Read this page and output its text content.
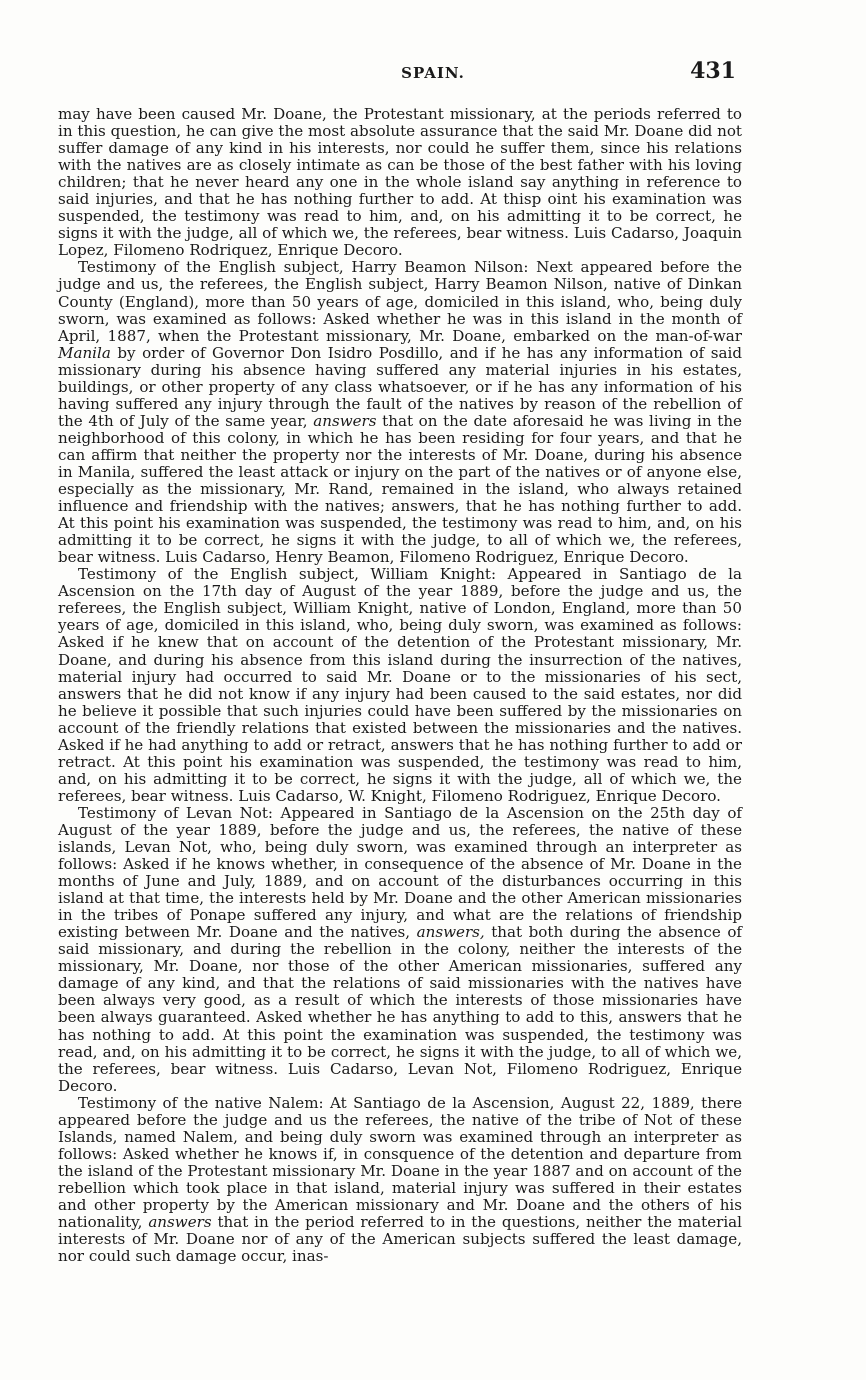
SPAIN.	431

may have been caused Mr. Doane, the Protestant missionary, at the periods referred to in this question, he can give the most absolute assurance that the said Mr. Doane did not suffer damage of any kind in his interests, nor could he suffer them, since his relations with the natives are as closely intimate as can be those of the best father with his loving children; that he never heard any one in the whole island say anything in reference to said injuries, and that he has nothing further to add. At thisp oint his examination was suspended, the testimony was read to him, and, on his admitting it to be correct, he signs it with the judge, all of which we, the referees, bear witness. Luis Cadarso, Joaquin Lopez, Filomeno Rodriquez, Enrique Decoro.

Testimony of the English subject, Harry Beamon Nilson: Next appeared before the judge and us, the referees, the English subject, Harry Beamon Nilson, native of Dinkan County (England), more than 50 years of age, domiciled in this island, who, being duly sworn, was examined as follows: Asked whether he was in this island in the month of April, 1887, when the Protestant missionary, Mr. Doane, embarked on the man-of-war Manila by order of Governor Don Isidro Posdillo, and if he has any information of said missionary during his absence having suffered any material injuries in his estates, buildings, or other property of any class whatsoever, or if he has any information of his having suffered any injury through the fault of the natives by reason of the rebellion of the 4th of July of the same year, answers that on the date aforesaid he was living in the neighborhood of this colony, in which he has been residing for four years, and that he can affirm that neither the property nor the interests of Mr. Doane, during his absence in Manila, suffered the least attack or injury on the part of the natives or of anyone else, especially as the missionary, Mr. Rand, remained in the island, who always retained influence and friendship with the natives; answers, that he has nothing further to add. At this point his examination was suspended, the testimony was read to him, and, on his admitting it to be correct, he signs it with the judge, to all of which we, the referees, bear witness. Luis Cadarso, Henry Beamon, Filomeno Rodriguez, Enrique Decoro.

Testimony of the English subject, William Knight: Appeared in Santiago de la Ascension on the 17th day of August of the year 1889, before the judge and us, the referees, the English subject, William Knight, native of London, England, more than 50 years of age, domiciled in this island, who, being duly sworn, was examined as follows: Asked if he knew that on account of the detention of the Protestant missionary, Mr. Doane, and during his absence from this island during the insurrection of the natives, material injury had occurred to said Mr. Doane or to the missionaries of his sect, answers that he did not know if any injury had been caused to the said estates, nor did he believe it possible that such injuries could have been suffered by the missionaries on account of the friendly relations that existed between the missionaries and the natives. Asked if he had anything to add or retract, answers that he has nothing further to add or retract. At this point his examination was suspended, the testimony was read to him, and, on his admitting it to be correct, he signs it with the judge, all of which we, the referees, bear witness. Luis Cadarso, W. Knight, Filomeno Rodriguez, Enrique Decoro.

Testimony of Levan Not: Appeared in Santiago de la Ascension on the 25th day of August of the year 1889, before the judge and us, the referees, the native of these islands, Levan Not, who, being duly sworn, was examined through an interpreter as follows: Asked if he knows whether, in consequence of the absence of Mr. Doane in the months of June and July, 1889, and on account of the disturbances occurring in this island at that time, the interests held by Mr. Doane and the other American missionaries in the tribes of Ponape suffered any injury, and what are the relations of friendship existing between Mr. Doane and the natives, answers, that both during the absence of said missionary, and during the rebellion in the colony, neither the interests of the missionary, Mr. Doane, nor those of the other American missionaries, suffered any damage of any kind, and that the relations of said missionaries with the natives have been always very good, as a result of which the interests of those missionaries have been always guaranteed. Asked whether he has anything to add to this, answers that he has nothing to add. At this point the examination was suspended, the testimony was read, and, on his admitting it to be correct, he signs it with the judge, to all of which we, the referees, bear witness. Luis Cadarso, Levan Not, Filomeno Rodriguez, Enrique Decoro.

Testimony of the native Nalem: At Santiago de la Ascension, August 22, 1889, there appeared before the judge and us the referees, the native of the tribe of Not of these Islands, named Nalem, and being duly sworn was examined through an interpreter as follows: Asked whether he knows if, in consquence of the detention and departure from the island of the Protestant missionary Mr. Doane in the year 1887 and on account of the rebellion which took place in that island, material injury was suffered in their estates and other property by the American missionary and Mr. Doane and the others of his nationality, answers that in the period referred to in the questions, neither the material interests of Mr. Doane nor of any of the American subjects suffered the least damage, nor could such damage occur, inas-
